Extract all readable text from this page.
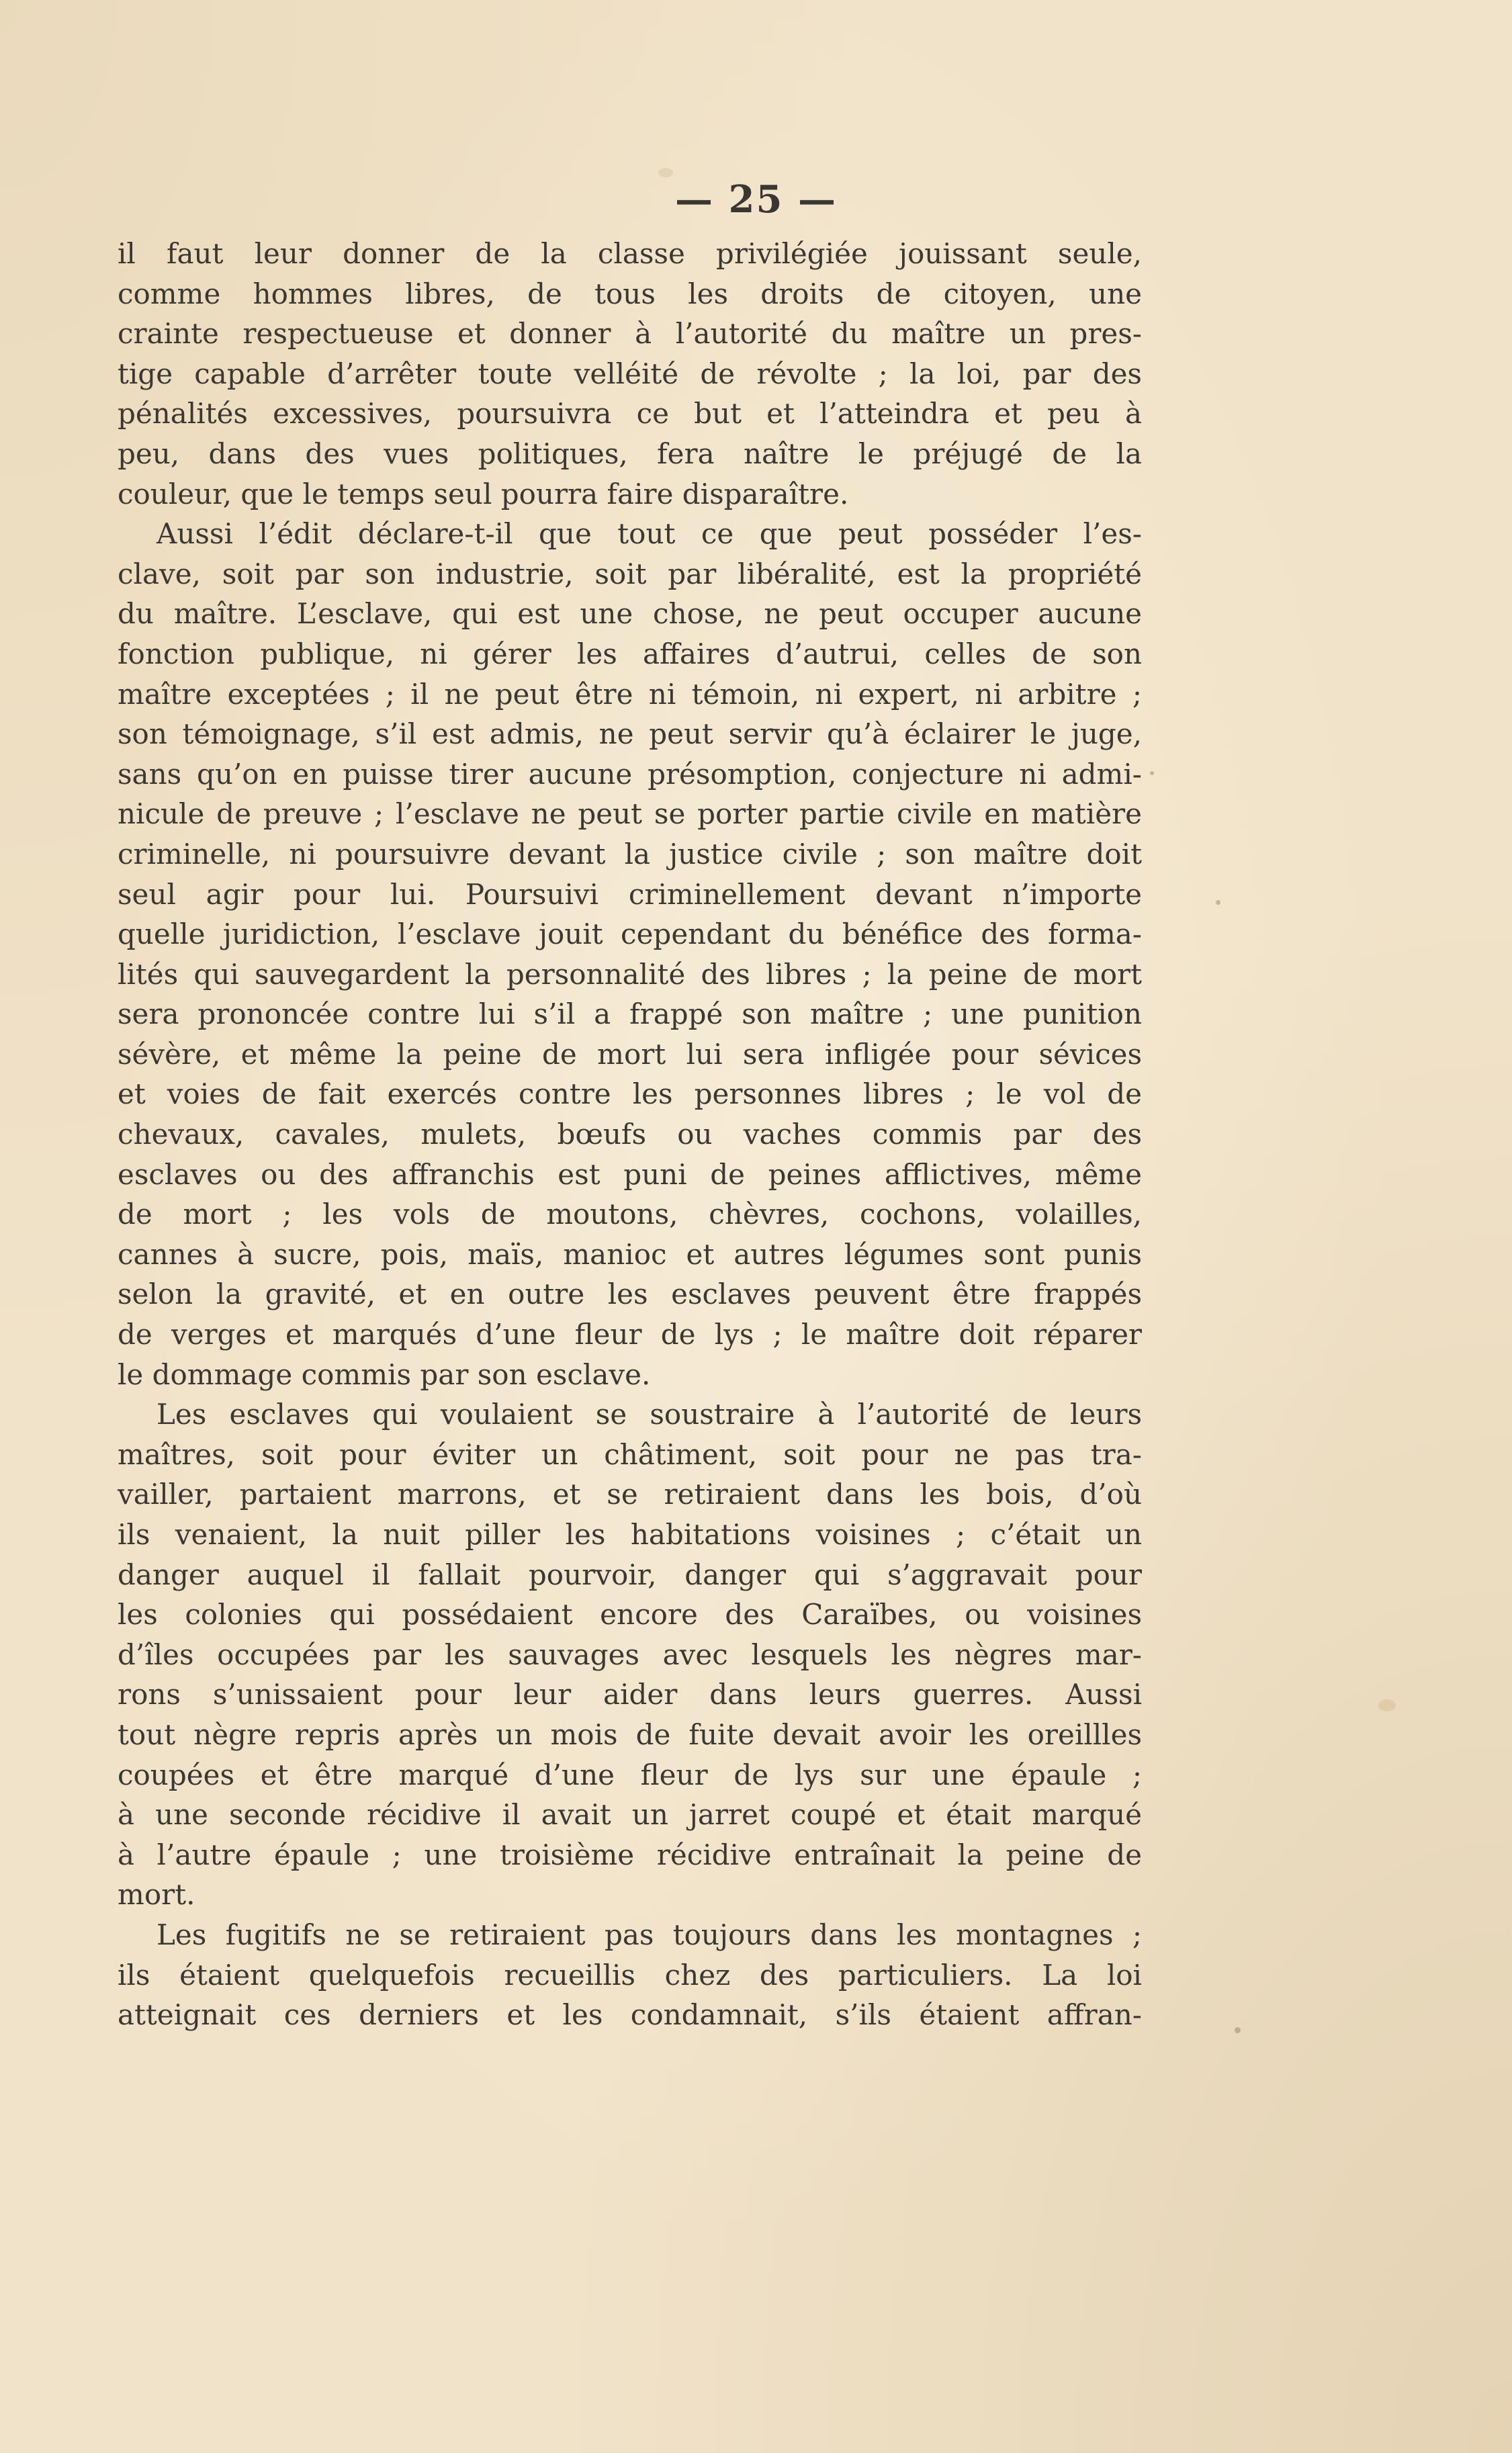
— 25 —
il faut leur donner de la classe privilégiée jouissant seule,
comme hommes libres, de tous les droits de citoyen, une
crainte respectueuse et donner à l’autorité du maître un pres-
tige capable d’arrêter toute velléité de révolte ; la loi, par des
pénalités excessives, poursuivra ce but et l’atteindra et peu à
peu, dans des vues politiques, fera naître le préjugé de la
couleur, que le temps seul pourra faire disparaître.
Aussi l’édit déclare-t-il que tout ce que peut posséder l’es-
clave, soit par son industrie, soit par libéralité, est la propriété
du maître. L’esclave, qui est une chose, ne peut occuper aucune
fonction publique, ni gérer les affaires d’autrui, celles de son
maître exceptées ; il ne peut être ni témoin, ni expert, ni arbitre ;
son témoignage, s’il est admis, ne peut servir qu’à éclairer le juge,
sans qu’on en puisse tirer aucune présomption, conjecture ni admi-
nicule de preuve ; l’esclave ne peut se porter partie civile en matière
criminelle, ni poursuivre devant la justice civile ; son maître doit
seul agir pour lui. Poursuivi criminellement devant n’importe
quelle juridiction, l’esclave jouit cependant du bénéfice des forma-
lités qui sauvegardent la personnalité des libres ; la peine de mort
sera prononcée contre lui s’il a frappé son maître ; une punition
sévère, et même la peine de mort lui sera infligée pour sévices
et voies de fait exercés contre les personnes libres ; le vol de
chevaux, cavales, mulets, bœufs ou vaches commis par des
esclaves ou des affranchis est puni de peines afflictives, même
de mort ; les vols de moutons, chèvres, cochons, volailles,
cannes à sucre, pois, maïs, manioc et autres légumes sont punis
selon la gravité, et en outre les esclaves peuvent être frappés
de verges et marqués d’une fleur de lys ; le maître doit réparer
le dommage commis par son esclave.
Les esclaves qui voulaient se soustraire à l’autorité de leurs
maîtres, soit pour éviter un châtiment, soit pour ne pas tra-
vailler, partaient marrons, et se retiraient dans les bois, d’où
ils venaient, la nuit piller les habitations voisines ; c’était un
danger auquel il fallait pourvoir, danger qui s’aggravait pour
les colonies qui possédaient encore des Caraïbes, ou voisines
d’îles occupées par les sauvages avec lesquels les nègres mar-
rons s’unissaient pour leur aider dans leurs guerres. Aussi
tout nègre repris après un mois de fuite devait avoir les oreillles
coupées et être marqué d’une fleur de lys sur une épaule ;
à une seconde récidive il avait un jarret coupé et était marqué
à l’autre épaule ; une troisième récidive entraînait la peine de
mort.
Les fugitifs ne se retiraient pas toujours dans les montagnes ;
ils étaient quelquefois recueillis chez des particuliers. La loi
atteignait ces derniers et les condamnait, s’ils étaient affran-
